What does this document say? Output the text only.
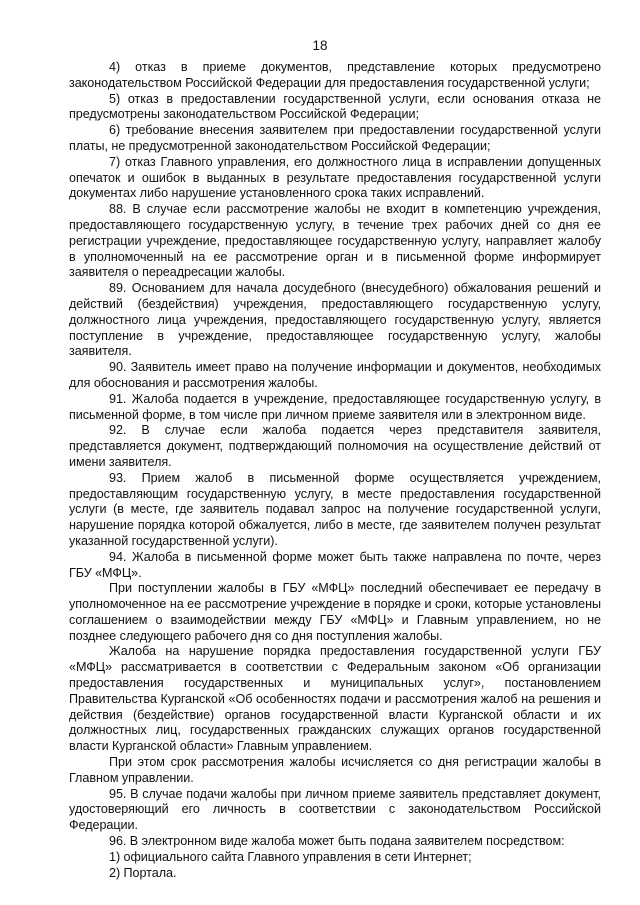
18

4) отказ в приеме документов, представление которых предусмотрено законодательством Российской Федерации для предоставления государственной услуги;

5) отказ в предоставлении государственной услуги, если основания отказа не предусмотрены законодательством Российской Федерации;

6) требование внесения заявителем при предоставлении государственной услуги платы, не предусмотренной законодательством Российской Федерации;

7) отказ Главного управления, его должностного лица в исправлении допущенных опечаток и ошибок в выданных в результате предоставления государственной услуги документах либо нарушение установленного срока таких исправлений.

88. В случае если рассмотрение жалобы не входит в компетенцию учреждения, предоставляющего государственную услугу, в течение трех рабочих дней со дня ее регистрации учреждение, предоставляющее государственную услугу, направляет жалобу в уполномоченный на ее рассмотрение орган и в письменной форме информирует заявителя о переадресации жалобы.

89. Основанием для начала досудебного (внесудебного) обжалования решений и действий (бездействия) учреждения, предоставляющего государственную услугу, должностного лица учреждения, предоставляющего государственную услугу, является поступление в учреждение, предоставляющее государственную услугу, жалобы заявителя.

90. Заявитель имеет право на получение информации и документов, необходимых для обоснования и рассмотрения жалобы.

91. Жалоба подается в учреждение, предоставляющее государственную услугу, в письменной форме, в том числе при личном приеме заявителя или в электронном виде.

92. В случае если жалоба подается через представителя заявителя, представляется документ, подтверждающий полномочия на осуществление действий от имени заявителя.

93. Прием жалоб в письменной форме осуществляется учреждением, предоставляющим государственную услугу, в месте предоставления государственной услуги (в месте, где заявитель подавал запрос на получение государственной услуги, нарушение порядка которой обжалуется, либо в месте, где заявителем получен результат указанной государственной услуги).

94. Жалоба в письменной форме может быть также направлена по почте, через ГБУ «МФЦ».

При поступлении жалобы в ГБУ «МФЦ» последний обеспечивает ее передачу в уполномоченное на ее рассмотрение учреждение в порядке и сроки, которые установлены соглашением о взаимодействии между ГБУ «МФЦ» и Главным управлением, но не позднее следующего рабочего дня со дня поступления жалобы.

Жалоба на нарушение порядка предоставления государственной услуги ГБУ «МФЦ» рассматривается в соответствии с Федеральным законом «Об организации предоставления государственных и муниципальных услуг», постановлением Правительства Курганской «Об особенностях подачи и рассмотрения жалоб на решения и действия (бездействие) органов государственной власти Курганской области и их должностных лиц, государственных гражданских служащих органов государственной власти Курганской области» Главным управлением.

При этом срок рассмотрения жалобы исчисляется со дня регистрации жалобы в Главном управлении.

95. В случае подачи жалобы при личном приеме заявитель представляет документ, удостоверяющий его личность в соответствии с законодательством Российской Федерации.

96. В электронном виде жалоба может быть подана заявителем посредством:

1) официального сайта Главного управления в сети Интернет;

2) Портала.
